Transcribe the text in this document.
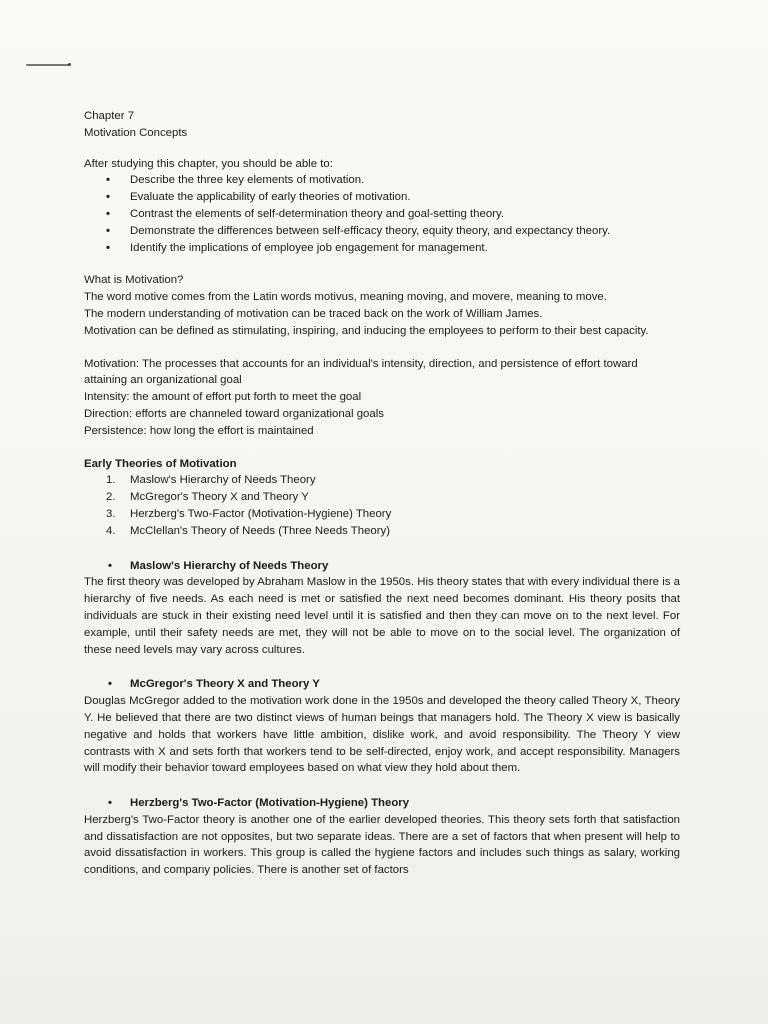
Chapter 7

Motivation Concepts

After studying this chapter, you should be able to:

• Describe the three key elements of motivation.
• Evaluate the applicability of early theories of motivation.
• Contrast the elements of self-determination theory and goal-setting theory.
• Demonstrate the differences between self-efficacy theory, equity theory, and expectancy theory.
• Identify the implications of employee job engagement for management.

What is Motivation?

The word motive comes from the Latin words motivus, meaning moving, and movere, meaning to move.

The modern understanding of motivation can be traced back on the work of William James.

Motivation can be defined as stimulating, inspiring, and inducing the employees to perform to their best capacity.

Motivation: The processes that accounts for an individual's intensity, direction, and persistence of effort toward attaining an organizational goal

Intensity: the amount of effort put forth to meet the goal

Direction: efforts are channeled toward organizational goals

Persistence: how long the effort is maintained

Early Theories of Motivation

1. Maslow's Hierarchy of Needs Theory
2. McGregor's Theory X and Theory Y
3. Herzberg's Two-Factor (Motivation-Hygiene) Theory
4. McClellan's Theory of Needs (Three Needs Theory)

• Maslow's Hierarchy of Needs Theory

The first theory was developed by Abraham Maslow in the 1950s. His theory states that with every individual there is a hierarchy of five needs. As each need is met or satisfied the next need becomes dominant. His theory posits that individuals are stuck in their existing need level until it is satisfied and then they can move on to the next level. For example, until their safety needs are met, they will not be able to move on to the social level. The organization of these need levels may vary across cultures.

• McGregor's Theory X and Theory Y

Douglas McGregor added to the motivation work done in the 1950s and developed the theory called Theory X, Theory Y. He believed that there are two distinct views of human beings that managers hold. The Theory X view is basically negative and holds that workers have little ambition, dislike work, and avoid responsibility. The Theory Y view contrasts with X and sets forth that workers tend to be self-directed, enjoy work, and accept responsibility. Managers will modify their behavior toward employees based on what view they hold about them.

• Herzberg's Two-Factor (Motivation-Hygiene) Theory

Herzberg's Two-Factor theory is another one of the earlier developed theories. This theory sets forth that satisfaction and dissatisfaction are not opposites, but two separate ideas. There are a set of factors that when present will help to avoid dissatisfaction in workers. This group is called the hygiene factors and includes such things as salary, working conditions, and company policies. There is another set of factors
